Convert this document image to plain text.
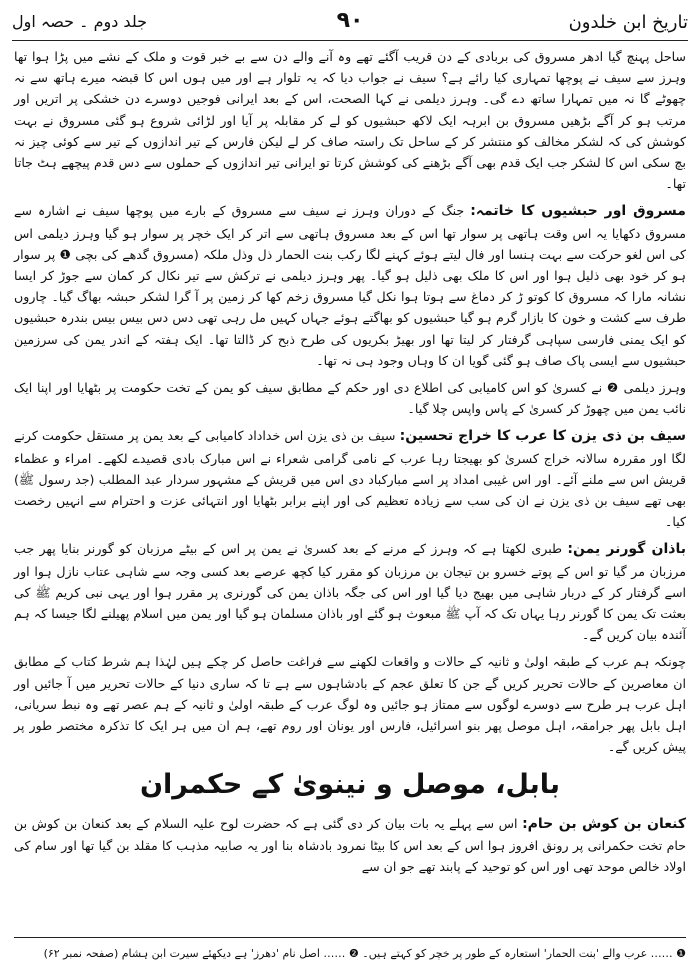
تاریخ ابن خلدون
۹۰
جلد دوم ۔ حصہ اول

ساحل پہنچ گیا ادھر مسروق کی بربادی کے دن قریب آگئے تھے وہ آنے والے دن سے بے خبر قوت و ملک کے نشے میں پڑا ہوا تھا وہرز سے سیف نے پوچھا تمہاری کیا رائے ہے؟ سیف نے جواب دیا کہ یہ تلوار ہے اور میں ہوں اس کا قبضہ میرے ہاتھ سے نہ چھوٹے گا نہ میں تمہارا ساتھ دے گی۔ وہرز دیلمی نے کہا الصحت، اس کے بعد ایرانی فوجیں دوسرے دن خشکی پر اتریں اور مرتب ہو کر آگے بڑھیں مسروق بن ابرہہ ایک لاکھ حبشیوں کو لے کر مقابلہ پر آیا اور لڑائی شروع ہو گئی مسروق نے بہت کوشش کی کہ لشکر مخالف کو منتشر کر کے ساحل تک راستہ صاف کر لے لیکن فارس کے تیر اندازوں کے تیر سے کوئی چیز نہ بچ سکی اس کا لشکر جب ایک قدم بھی آگے بڑھنے کی کوشش کرتا تو ایرانی تیر اندازوں کے حملوں سے دس قدم پیچھے ہٹ جاتا تھا۔

مسروق اور حبشیوں کا خاتمہ: جنگ کے دوران وہرز نے سیف سے مسروق کے بارے میں پوچھا سیف نے اشارہ سے مسروق دکھایا یہ اس وقت ہاتھی پر سوار تھا اس کے بعد مسروق ہاتھی سے اتر کر ایک خچر پر سوار ہو گیا وہرز دیلمی اس کی اس لغو حرکت سے بہت ہنسا اور فال لیتے ہوئے کہنے لگا رکب بنت الحمار ذل وذل ملکہ (مسروق گدھے کی بچی ❶ پر سوار ہو کر خود بھی ذلیل ہوا اور اس کا ملک بھی ذلیل ہو گیا۔ پھر وہرز دیلمی نے ترکش سے تیر نکال کر کمان سے جوڑ کر ایسا نشانہ مارا کہ مسروق کا کوتو ڑ کر دماغ سے ہوتا ہوا نکل گیا مسروق زخم کھا کر زمین پر آ گرا لشکر حبشہ بھاگ گیا۔ چاروں طرف سے کشت و خون کا بازار گرم ہو گیا حبشیوں کو بھاگتے ہوئے جہاں کہیں مل رہی تھی دس دس بیس بیس بندرہ حبشیوں کو ایک یمنی فارسی سپاہی گرفتار کر لیتا تھا اور بھیڑ بکریوں کی طرح ذبح کر ڈالتا تھا۔ ایک ہفتہ کے اندر یمن کی سرزمین حبشیوں سے ایسی پاک صاف ہو گئی گویا ان کا وہاں وجود ہی نہ تھا۔

وہرز دیلمی ❷ نے کسریٰ کو اس کامیابی کی اطلاع دی اور حکم کے مطابق سیف کو یمن کے تخت حکومت پر بٹھایا اور اپنا ایک نائب یمن میں چھوڑ کر کسریٰ کے پاس واپس چلا گیا۔

سیف بن ذی یزن کا عرب کا خراج تحسین: سیف بن ذی یزن اس خداداد کامیابی کے بعد یمن پر مستقل حکومت کرنے لگا اور مقررہ سالانہ خراج کسریٰ کو بھیجتا رہا عرب کے نامی گرامی شعراء نے اس مبارک بادی قصیدے لکھے۔ امراء و عظماء قریش اس سے ملنے آئے۔ اور اس غیبی امداد پر اسے مبارکباد دی اس میں قریش کے مشہور سردار عبد المطلب (جد رسول ﷺ) بھی تھے سیف بن ذی یزن نے ان کی سب سے زیادہ تعظیم کی اور اپنے برابر بٹھایا اور انتہائی عزت و احترام سے انہیں رخصت کیا۔

باذان گورنر یمن: طبری لکھتا ہے کہ وہرز کے مرنے کے بعد کسریٰ نے یمن پر اس کے بیٹے مرزبان کو گورنر بنایا پھر جب مرزبان مر گیا تو اس کے پوتے خسرو بن تیجان بن مرزبان کو مقرر کیا کچھ عرصے بعد کسی وجہ سے شاہی عتاب نازل ہوا اور اسے گرفتار کر کے دربار شاہی میں بھیج دیا گیا اور اس کی جگہ باذان یمن کی گورنری پر مقرر ہوا اور یہی نبی کریم ﷺ کی بعثت تک یمن کا گورنر رہا یہاں تک کہ آپ ﷺ مبعوث ہو گئے اور باذان مسلمان ہو گیا اور یمن میں اسلام پھیلنے لگا جیسا کہ ہم آئندہ بیان کریں گے۔

چونکہ ہم عرب کے طبقہ اولیٰ و ثانیہ کے حالات و واقعات لکھنے سے فراغت حاصل کر چکے ہیں لہٰذا ہم شرط کتاب کے مطابق ان معاصرین کے حالات تحریر کریں گے جن کا تعلق عجم کے بادشاہوں سے ہے تا کہ ساری دنیا کے حالات تحریر میں آ جائیں اور اہل عرب ہر طرح سے دوسرے لوگوں سے ممتاز ہو جائیں وہ لوگ عرب کے طبقہ اولیٰ و ثانیہ کے ہم عصر تھے وہ نبط سریانی، اہل بابل پھر جرامقہ، اہل موصل پھر بنو اسرائیل، فارس اور یونان اور روم تھے، ہم ان میں ہر ایک کا تذکرہ مختصر طور پر پیش کریں گے۔

بابل، موصل و نینویٰ کے حکمران

کنعان بن کوش بن حام: اس سے پہلے یہ بات بیان کر دی گئی ہے کہ حضرت لوح علیہ السلام کے بعد کنعان بن کوش بن حام تخت حکمرانی پر رونق افروز ہوا اس کے بعد اس کا بیٹا نمرود بادشاہ بنا اور یہ صابیہ مذہب کا مقلد بن گیا تھا اور سام کی اولاد خالص موحد تھی اور اس کو توحید کے پابند تھے جو ان سے

❶ …… عرب والے 'بنت الحمار' استعارہ کے طور پر خچر کو کہتے ہیں۔ ❷ …… اصل نام 'دھرز' ہے دیکھئے سیرت ابن ہشام (صفحہ نمبر ۶۲)
